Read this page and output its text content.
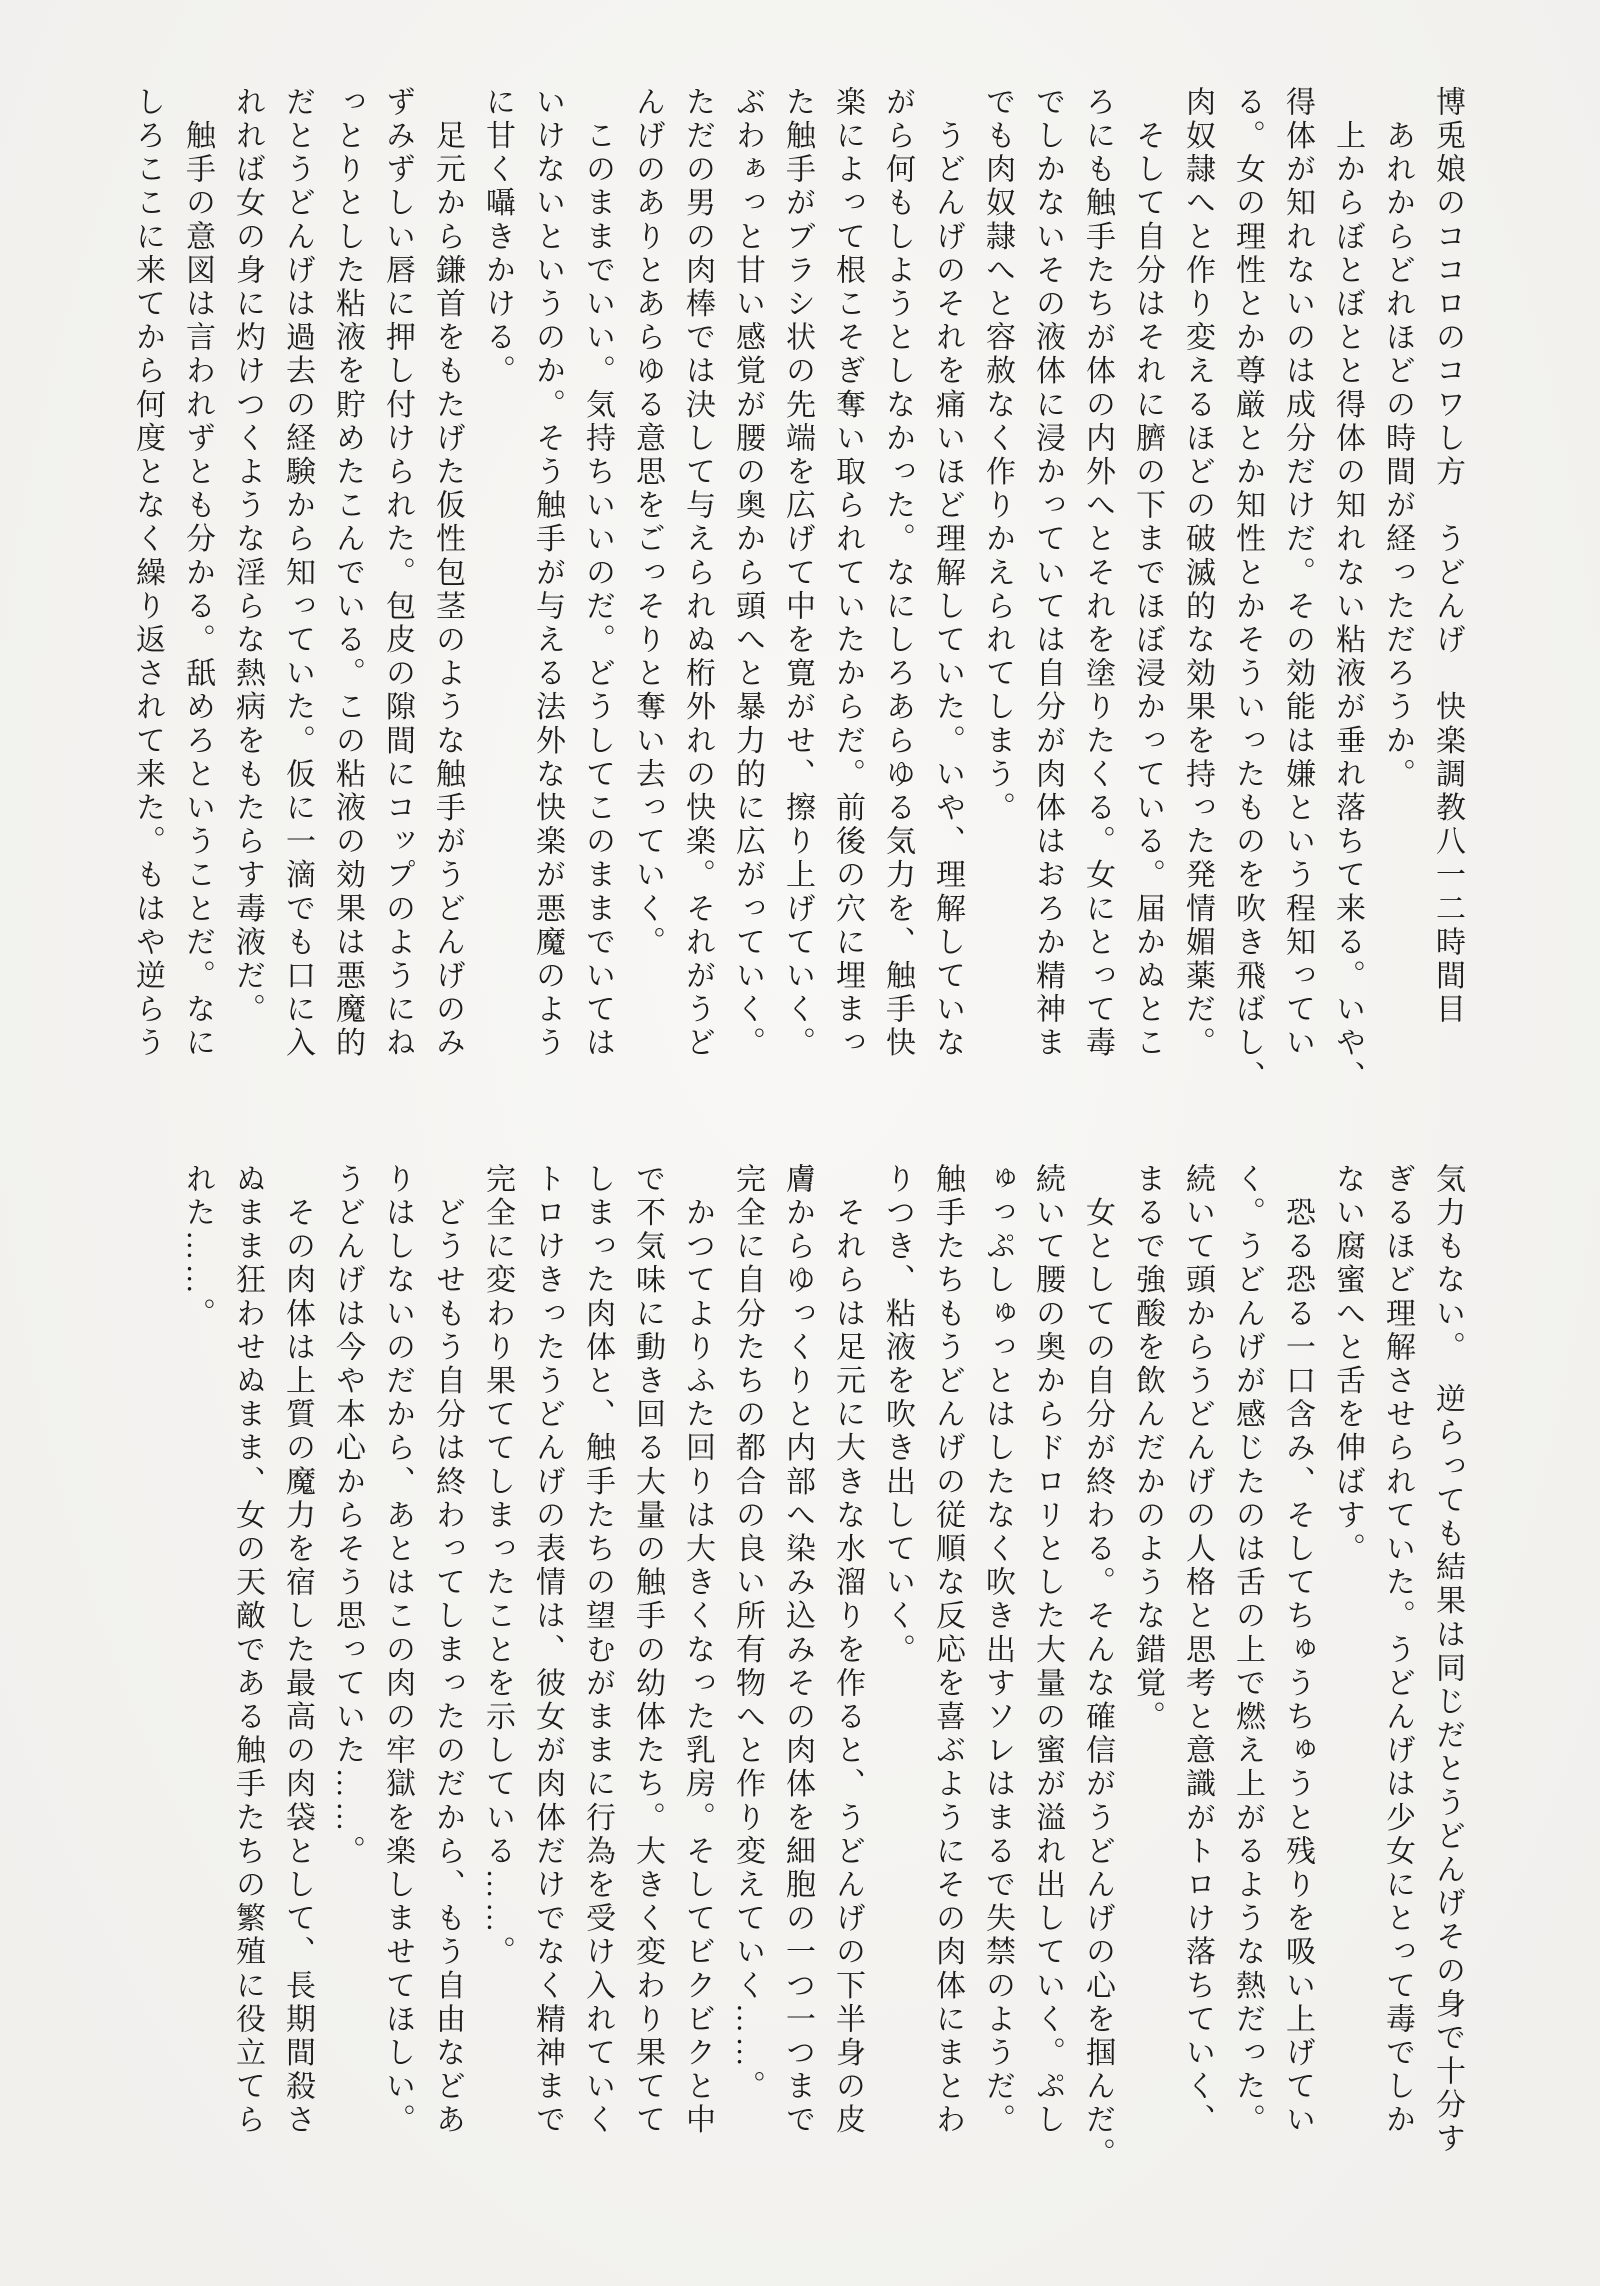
博兎娘のココロのコワし方　うどんげ　快楽調教八一二時間目

　あれからどれほどの時間が経っただろうか。

　上からぼとぼとと得体の知れない粘液が垂れ落ちて来る。いや、

得体が知れないのは成分だけだ。その効能は嫌という程知ってい

る。女の理性とか尊厳とか知性とかそういったものを吹き飛ばし、

肉奴隷へと作り変えるほどの破滅的な効果を持った発情媚薬だ。

　そして自分はそれに臍の下までほぼ浸かっている。届かぬとこ

ろにも触手たちが体の内外へとそれを塗りたくる。女にとって毒

でしかないその液体に浸かっていては自分が肉体はおろか精神ま

でも肉奴隷へと容赦なく作りかえられてしまう。

　うどんげのそれを痛いほど理解していた。いや、理解していな

がら何もしようとしなかった。なにしろあらゆる気力を、触手快

楽によって根こそぎ奪い取られていたからだ。前後の穴に埋まっ

た触手がブラシ状の先端を広げて中を寛がせ、擦り上げていく。

ぶわぁっと甘い感覚が腰の奥から頭へと暴力的に広がっていく。

ただの男の肉棒では決して与えられぬ桁外れの快楽。それがうど

んげのありとあらゆる意思をごっそりと奪い去っていく。

　このままでいい。気持ちいいのだ。どうしてこのままでいては

いけないというのか。そう触手が与える法外な快楽が悪魔のよう

に甘く囁きかける。

　足元から鎌首をもたげた仮性包茎のような触手がうどんげのみ

ずみずしい唇に押し付けられた。包皮の隙間にコップのようにね

っとりとした粘液を貯めたこんでいる。この粘液の効果は悪魔的

だとうどんげは過去の経験から知っていた。仮に一滴でも口に入

れれば女の身に灼けつくような淫らな熱病をもたらす毒液だ。

　触手の意図は言われずとも分かる。舐めろということだ。なに

しろここに来てから何度となく繰り返されて来た。もはや逆らう

気力もない。　逆らっても結果は同じだとうどんげその身で十分す

ぎるほど理解させられていた。うどんげは少女にとって毒でしか

ない腐蜜へと舌を伸ばす。

　恐る恐る一口含み、そしてちゅうちゅうと残りを吸い上げてい

く。うどんげが感じたのは舌の上で燃え上がるような熱だった。

続いて頭からうどんげの人格と思考と意識がトロけ落ちていく、

まるで強酸を飲んだかのような錯覚。

　女としての自分が終わる。そんな確信がうどんげの心を掴んだ。

続いて腰の奥からドロリとした大量の蜜が溢れ出していく。ぷし

ゅっぷしゅっとはしたなく吹き出すソレはまるで失禁のようだ。

触手たちもうどんげの従順な反応を喜ぶようにその肉体にまとわ

りつき、粘液を吹き出していく。

　それらは足元に大きな水溜りを作ると、うどんげの下半身の皮

膚からゆっくりと内部へ染み込みその肉体を細胞の一つ一つまで

完全に自分たちの都合の良い所有物へと作り変えていく……。

　かつてよりふた回りは大きくなった乳房。そしてビクビクと中

で不気味に動き回る大量の触手の幼体たち。大きく変わり果てて

しまった肉体と、触手たちの望むがままに行為を受け入れていく

トロけきったうどんげの表情は、彼女が肉体だけでなく精神まで

完全に変わり果ててしまったことを示している……。

　どうせもう自分は終わってしまったのだから、もう自由などあ

りはしないのだから、あとはこの肉の牢獄を楽しませてほしい。

うどんげは今や本心からそう思っていた……。

　その肉体は上質の魔力を宿した最高の肉袋として、長期間殺さ

ぬまま狂わせぬまま、女の天敵である触手たちの繁殖に役立てら

れた……。
